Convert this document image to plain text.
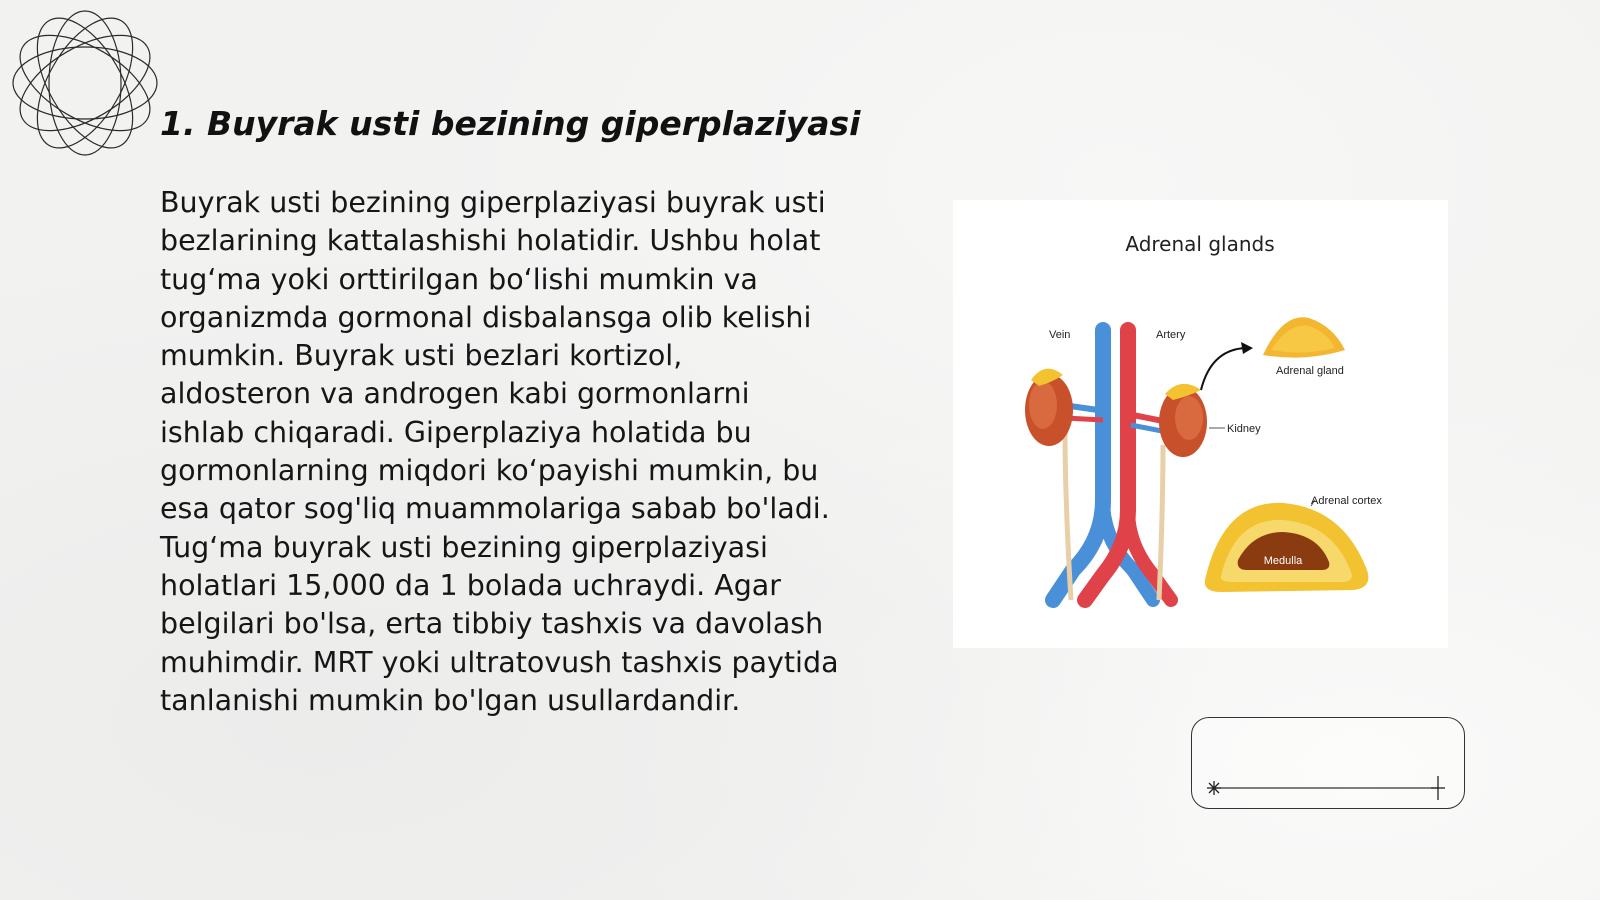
1. Buyrak usti bezining giperplaziyasi

Buyrak usti bezining giperplaziyasi buyrak usti bezlarining kattalashishi holatidir. Ushbu holat tug‘ma yoki orttirilgan bo‘lishi mumkin va organizmda gormonal disbalansga olib kelishi mumkin. Buyrak usti bezlari kortizol, aldosteron va androgen kabi gormonlarni ishlab chiqaradi. Giperplaziya holatida bu gormonlarning miqdori ko‘payishi mumkin, bu esa qator sog'liq muammolariga sabab bo'ladi. Tug‘ma buyrak usti bezining giperplaziyasi holatlari 15,000 da 1 bolada uchraydi. Agar belgilari bo'lsa, erta tibbiy tashxis va davolash muhimdir. MRT yoki ultratovush tashxis paytida tanlanishi mumkin bo'lgan usullardandir.

Adrenal glands
Vein	Artery
Adrenal gland
Kidney
Adrenal cortex
Medulla
